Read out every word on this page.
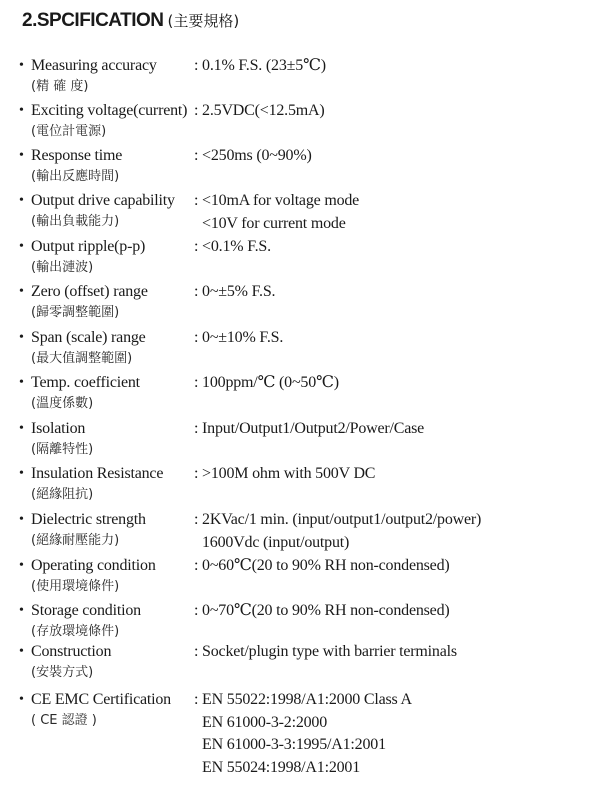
2.SPCIFICATION (主要規格)
• Measuring accuracy
(精 確 度)
: 0.1% F.S. (23±5℃)
• Exciting voltage(current)
(電位計電源)
: 2.5VDC(<12.5mA)
• Response time
(輸出反應時間)
: <250ms (0~90%)
• Output drive capability
(輸出負載能力)
: <10mA for voltage mode
<10V for current mode
• Output ripple(p-p)
(輸出漣波)
: <0.1% F.S.
• Zero (offset) range
(歸零調整範圍)
: 0~±5% F.S.
• Span (scale) range
(最大值調整範圍)
: 0~±10% F.S.
• Temp. coefficient
(溫度係數)
: 100ppm/℃ (0~50℃)
• Isolation
(隔離特性)
: Input/Output1/Output2/Power/Case
• Insulation Resistance
(絕緣阻抗)
: >100M ohm with 500V DC
• Dielectric strength
(絕緣耐壓能力)
: 2KVac/1 min. (input/output1/output2/power)
1600Vdc (input/output)
• Operating condition
(使用環境條件)
: 0~60℃(20 to 90% RH non-condensed)
• Storage condition
(存放環境條件)
: 0~70℃(20 to 90% RH non-condensed)
• Construction
(安裝方式)
: Socket/plugin type with barrier terminals
• CE EMC Certification
( CE 認證 )
: EN 55022:1998/A1:2000 Class A
EN 61000-3-2:2000
EN 61000-3-3:1995/A1:2001
EN 55024:1998/A1:2001
